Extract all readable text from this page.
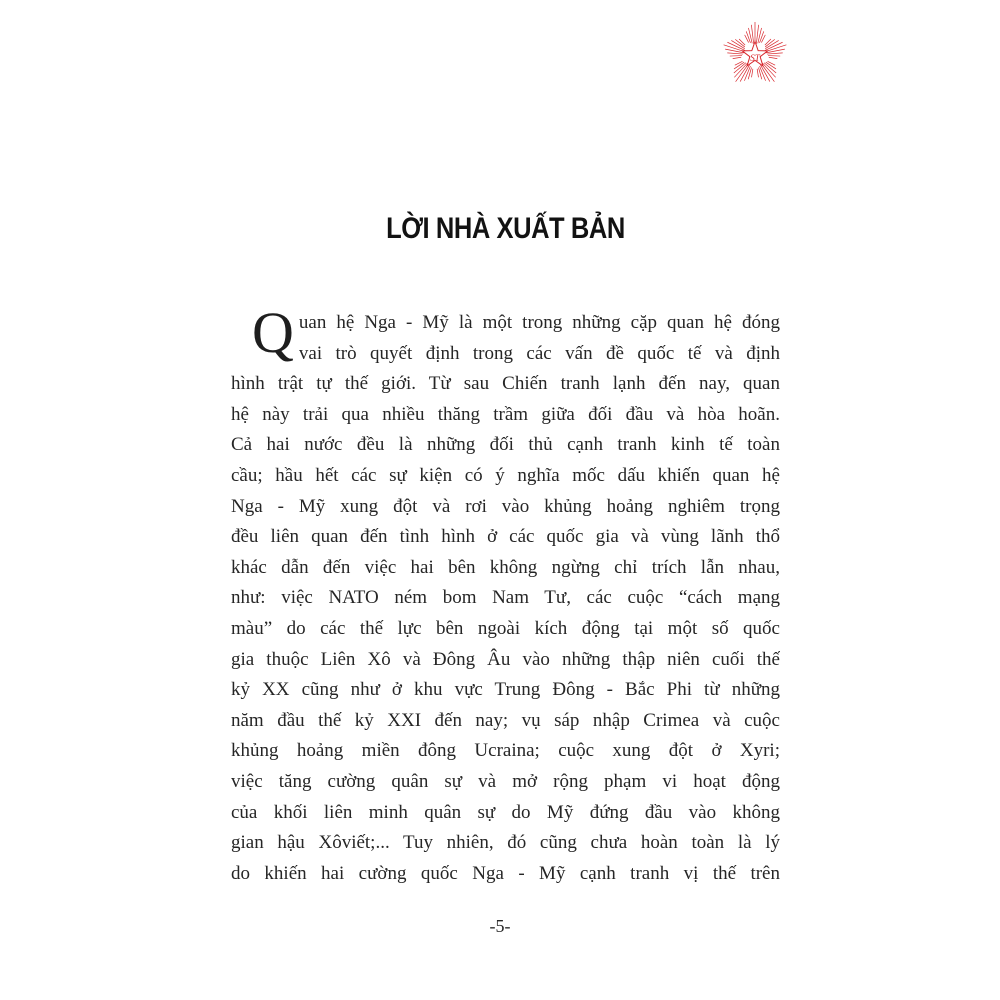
ST
LỜI NHÀ XUẤT BẢN
Q uan hệ Nga - Mỹ là một trong những cặp quan hệ đóng
vai trò quyết định trong các vấn đề quốc tế và định
hình trật tự thế giới. Từ sau Chiến tranh lạnh đến nay, quan
hệ này trải qua nhiều thăng trầm giữa đối đầu và hòa hoãn.
Cả hai nước đều là những đối thủ cạnh tranh kinh tế toàn
cầu; hầu hết các sự kiện có ý nghĩa mốc dấu khiến quan hệ
Nga - Mỹ xung đột và rơi vào khủng hoảng nghiêm trọng
đều liên quan đến tình hình ở các quốc gia và vùng lãnh thổ
khác dẫn đến việc hai bên không ngừng chỉ trích lẫn nhau,
như: việc NATO ném bom Nam Tư, các cuộc “cách mạng
màu” do các thế lực bên ngoài kích động tại một số quốc
gia thuộc Liên Xô và Đông Âu vào những thập niên cuối thế
kỷ XX cũng như ở khu vực Trung Đông - Bắc Phi từ những
năm đầu thế kỷ XXI đến nay; vụ sáp nhập Crimea và cuộc
khủng hoảng miền đông Ucraina; cuộc xung đột ở Xyri;
việc tăng cường quân sự và mở rộng phạm vi hoạt động
của khối liên minh quân sự do Mỹ đứng đầu vào không
gian hậu Xôviết;... Tuy nhiên, đó cũng chưa hoàn toàn là lý
do khiến hai cường quốc Nga - Mỹ cạnh tranh vị thế trên
-5-
